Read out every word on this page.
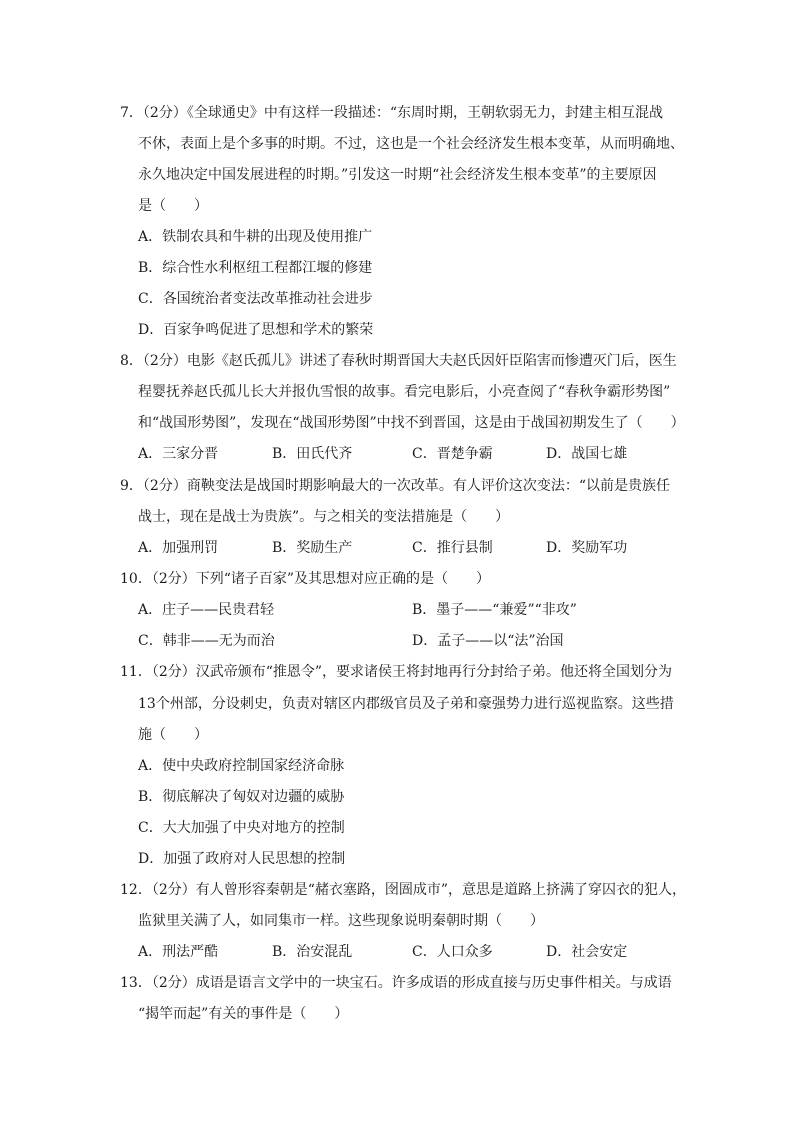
7．（2分）《全球通史》中有这样一段描述：“东周时期，王朝软弱无力，封建主相互混战
不休，表面上是个多事的时期。不过，这也是一个社会经济发生根本变革，从而明确地、
永久地决定中国发展进程的时期。”引发这一时期“社会经济发生根本变革”的主要原因
是（　　）
A．铁制农具和牛耕的出现及使用推广
B．综合性水利枢纽工程都江堰的修建
C．各国统治者变法改革推动社会进步
D．百家争鸣促进了思想和学术的繁荣
8．（2分）电影《赵氏孤儿》讲述了春秋时期晋国大夫赵氏因奸臣陷害而惨遭灭门后，医生
程婴抚养赵氏孤儿长大并报仇雪恨的故事。看完电影后，小亮查阅了“春秋争霸形势图”
和“战国形势图”，发现在“战国形势图”中找不到晋国，这是由于战国初期发生了（　　）
A．三家分晋	B．田氏代齐	C．晋楚争霸	D．战国七雄
9．（2分）商鞅变法是战国时期影响最大的一次改革。有人评价这次变法：“以前是贵族任
战士，现在是战士为贵族”。与之相关的变法措施是（　　）
A．加强刑罚	B．奖励生产	C．推行县制	D．奖励军功
10．（2分）下列“诸子百家”及其思想对应正确的是（　　）
A．庄子——民贵君轻	B．墨子——“兼爱”“非攻”
C．韩非——无为而治	D．孟子——以“法”治国
11．（2分）汉武帝颁布“推恩令”，要求诸侯王将封地再行分封给子弟。他还将全国划分为
13个州部，分设刺史，负责对辖区内郡级官员及子弟和豪强势力进行巡视监察。这些措
施（　　）
A．使中央政府控制国家经济命脉
B．彻底解决了匈奴对边疆的威胁
C．大大加强了中央对地方的控制
D．加强了政府对人民思想的控制
12．（2分）有人曾形容秦朝是“赭衣塞路，囹圄成市”，意思是道路上挤满了穿囚衣的犯人，
监狱里关满了人，如同集市一样。这些现象说明秦朝时期（　　）
A．刑法严酷	B．治安混乱	C．人口众多	D．社会安定
13．（2分）成语是语言文学中的一块宝石。许多成语的形成直接与历史事件相关。与成语
“揭竿而起”有关的事件是（　　）
